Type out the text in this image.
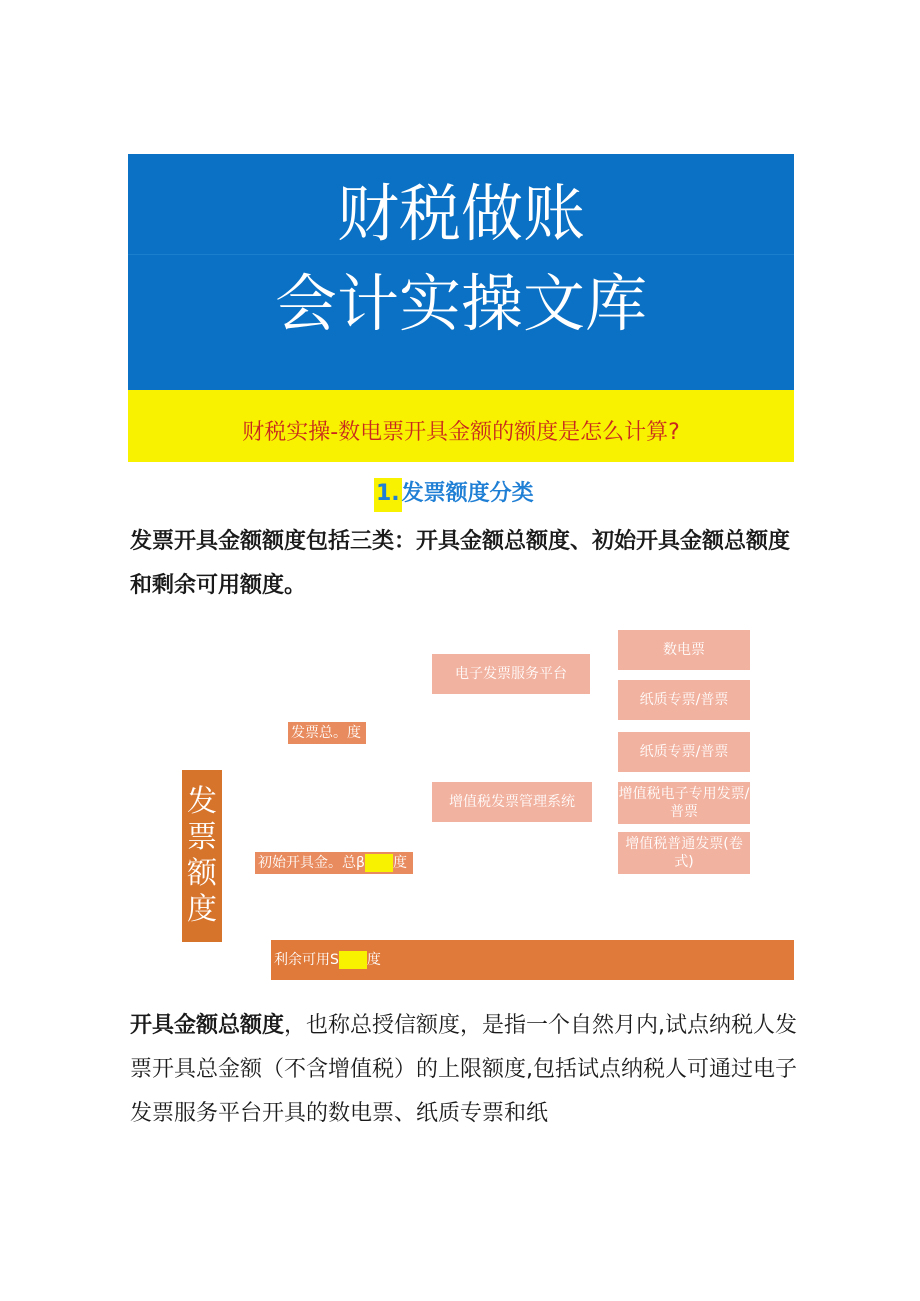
财税做账
会计实操文库
财税实操-数电票开具金额的额度是怎么计算?
1.发票额度分类
发票开具金额额度包括三类：开具金额总额度、初始开具金额总额度和剩余可用额度。
发
票
额
度
发票总。度
初始开具金。总β 额额 度
利余可用S 额额 度
电子发票服务平台
增值税发票管理系统
数电票
纸质专票/普票
纸质专票/普票
增值税电子专用发票/普票
增值税普通发票(卷式)
开具金额总额度，也称总授信额度，是指一个自然月内,试点纳税人发票开具总金额（不含增值税）的上限额度,包括试点纳税人可通过电子发票服务平台开具的数电票、纸质专票和纸
